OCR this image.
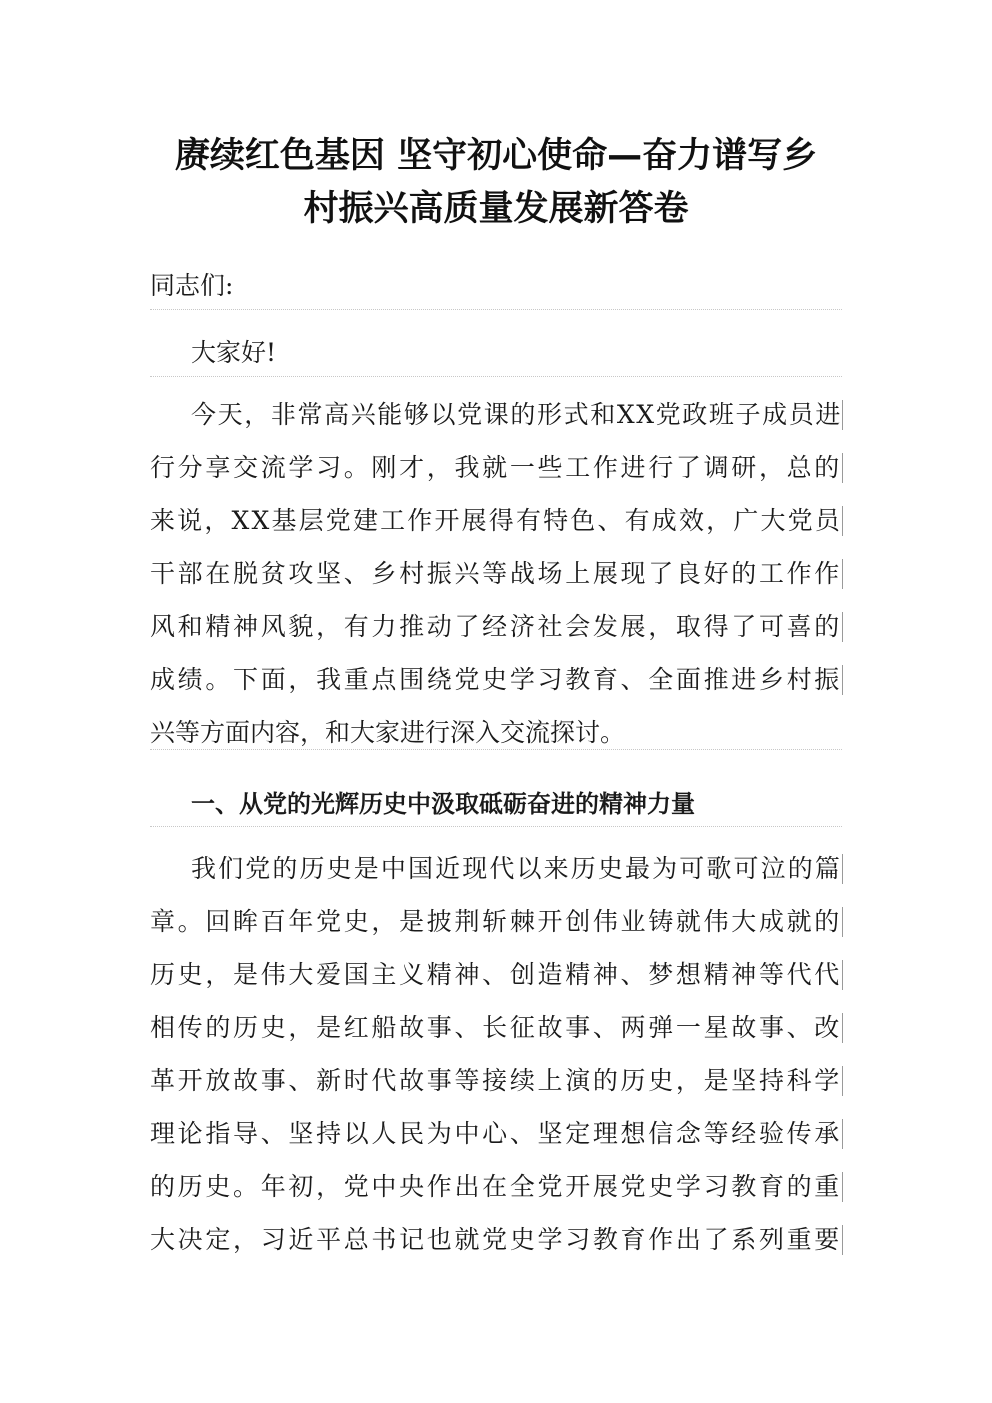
赓续红色基因 坚守初心使命—奋力谱写乡
村振兴高质量发展新答卷
同志们:
大家好!
今天，非常高兴能够以党课的形式和XX党政班子成员进
行分享交流学习。刚才，我就一些工作进行了调研，总的
来说，XX基层党建工作开展得有特色、有成效，广大党员
干部在脱贫攻坚、乡村振兴等战场上展现了良好的工作作
风和精神风貌，有力推动了经济社会发展，取得了可喜的
成绩。下面，我重点围绕党史学习教育、全面推进乡村振
兴等方面内容，和大家进行深入交流探讨。
一、从党的光辉历史中汲取砥砺奋进的精神力量
我们党的历史是中国近现代以来历史最为可歌可泣的篇
章。回眸百年党史，是披荆斩棘开创伟业铸就伟大成就的
历史，是伟大爱国主义精神、创造精神、梦想精神等代代
相传的历史，是红船故事、长征故事、两弹一星故事、改
革开放故事、新时代故事等接续上演的历史，是坚持科学
理论指导、坚持以人民为中心、坚定理想信念等经验传承
的历史。年初，党中央作出在全党开展党史学习教育的重
大决定，习近平总书记也就党史学习教育作出了系列重要
